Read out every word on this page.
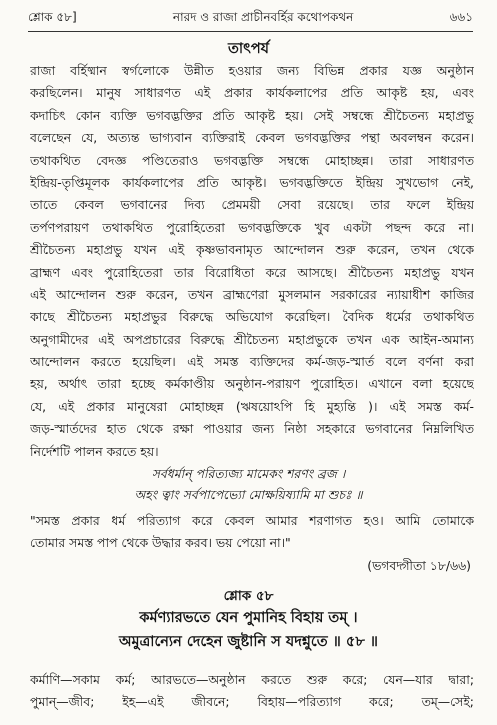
শ্লোক ৫৮]	নারদ ও রাজা প্রাচীনবর্হির কথোপকথন	৬৬১
তাৎপর্য
রাজা বর্হিষ্মান স্বর্গলোকে উন্নীত হওয়ার জন্য বিভিন্ন প্রকার যজ্ঞ অনুষ্ঠান
করছিলেন। মানুষ সাধারণত এই প্রকার কার্যকলাপের প্রতি আকৃষ্ট হয়, এবং
কদাচিৎ কোন ব্যক্তি ভগবদ্ভক্তির প্রতি আকৃষ্ট হয়। সেই সম্বন্ধে শ্রীচৈতন্য মহাপ্রভু
বলেছেন যে, অত্যন্ত ভাগ্যবান ব্যক্তিরাই কেবল ভগবদ্ভক্তির পন্থা অবলম্বন করেন।
তথাকথিত বেদজ্ঞ পণ্ডিতেরাও ভগবদ্ভক্তি সম্বন্ধে মোহাচ্ছন্ন। তারা সাধারণত
ইন্দ্রিয়-তৃপ্তিমূলক কার্যকলাপের প্রতি আকৃষ্ট। ভগবদ্ভক্তিতে ইন্দ্রিয় সুখভোগ নেই,
তাতে কেবল ভগবানের দিব্য প্রেমময়ী সেবা রয়েছে। তার ফলে ইন্দ্রিয়
তর্পণপরায়ণ তথাকথিত পুরোহিতেরা ভগবদ্ভক্তিকে খুব একটা পছন্দ করে না।
শ্রীচৈতন্য মহাপ্রভু যখন এই কৃষ্ণভাবনামৃত আন্দোলন শুরু করেন, তখন থেকে
ব্রাহ্মণ এবং পুরোহিতেরা তার বিরোধিতা করে আসছে। শ্রীচৈতন্য মহাপ্রভু যখন
এই আন্দোলন শুরু করেন, তখন ব্রাহ্মণেরা মুসলমান সরকারের ন্যায়াধীশ কাজির
কাছে শ্রীচৈতন্য মহাপ্রভুর বিরুদ্ধে অভিযোগ করেছিল। বৈদিক ধর্মের তথাকথিত
অনুগামীদের এই অপপ্রচারের বিরুদ্ধে শ্রীচৈতন্য মহাপ্রভুকে তখন এক আইন-অমান্য
আন্দোলন করতে হয়েছিল। এই সমস্ত ব্যক্তিদের কর্ম-জড়-স্মার্ত বলে বর্ণনা করা
হয়, অর্থাৎ তারা হচ্ছে কর্মকাণ্ডীয় অনুষ্ঠান-পরায়ণ পুরোহিত। এখানে বলা হয়েছে
যে, এই প্রকার মানুষেরা মোহাচ্ছন্ন (ঋষয়োঽপি হি মুহ্যন্তি )। এই সমস্ত কর্ম-
জড়-স্মার্তদের হাত থেকে রক্ষা পাওয়ার জন্য নিষ্ঠা সহকারে ভগবানের নিম্নলিখিত
নির্দেশটি পালন করতে হয়।
সর্বধর্মান্ পরিত্যজ্য মামেকং শরণং ব্রজ ।
অহং ত্বাং সর্বপাপেভ্যো মোক্ষয়িষ্যামি মা শুচঃ ॥
"সমস্ত প্রকার ধর্ম পরিত্যাগ করে কেবল আমার শরণাগত হও। আমি তোমাকে
তোমার সমস্ত পাপ থেকে উদ্ধার করব। ভয় পেয়ো না।"
(ভগবদ্গীতা ১৮/৬৬)
শ্লোক ৫৮
কর্মণ্যারভতে যেন পুমানিহ বিহায় তম্ ।
অমুত্রান্যেন দেহেন জুষ্টানি স যদশ্নুতে ॥ ৫৮ ॥
কর্মাণি—সকাম কর্ম; আরভতে—অনুষ্ঠান করতে শুরু করে; যেন—যার দ্বারা;
পুমান্—জীব; ইহ—এই জীবনে; বিহায়—পরিত্যাগ করে; তম্—সেই;
